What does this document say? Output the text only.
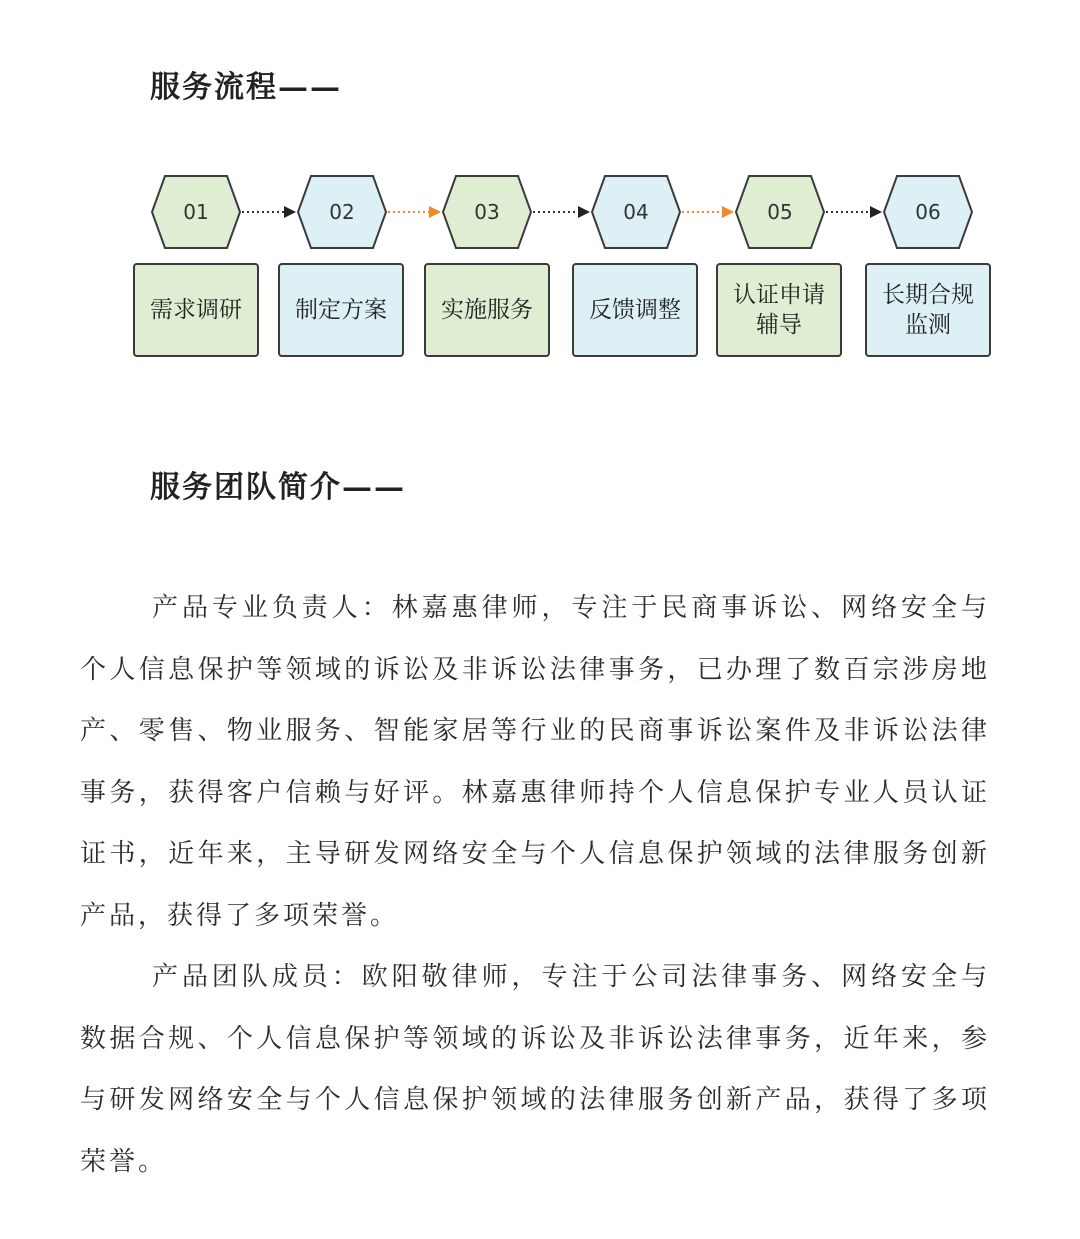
服务流程——
01	02	03	04	05	06
需求调研	制定方案	实施服务	反馈调整
认证申请辅导
长期合规监测
服务团队简介——
产品专业负责人：林嘉惠律师，专注于民商事诉讼、网络安全与个人信息保护等领域的诉讼及非诉讼法律事务，已办理了数百宗涉房地产、零售、物业服务、智能家居等行业的民商事诉讼案件及非诉讼法律事务，获得客户信赖与好评。林嘉惠律师持个人信息保护专业人员认证证书，近年来，主导研发网络安全与个人信息保护领域的法律服务创新产品，获得了多项荣誉。
产品团队成员：欧阳敬律师，专注于公司法律事务、网络安全与数据合规、个人信息保护等领域的诉讼及非诉讼法律事务，近年来，参与研发网络安全与个人信息保护领域的法律服务创新产品，获得了多项荣誉。
